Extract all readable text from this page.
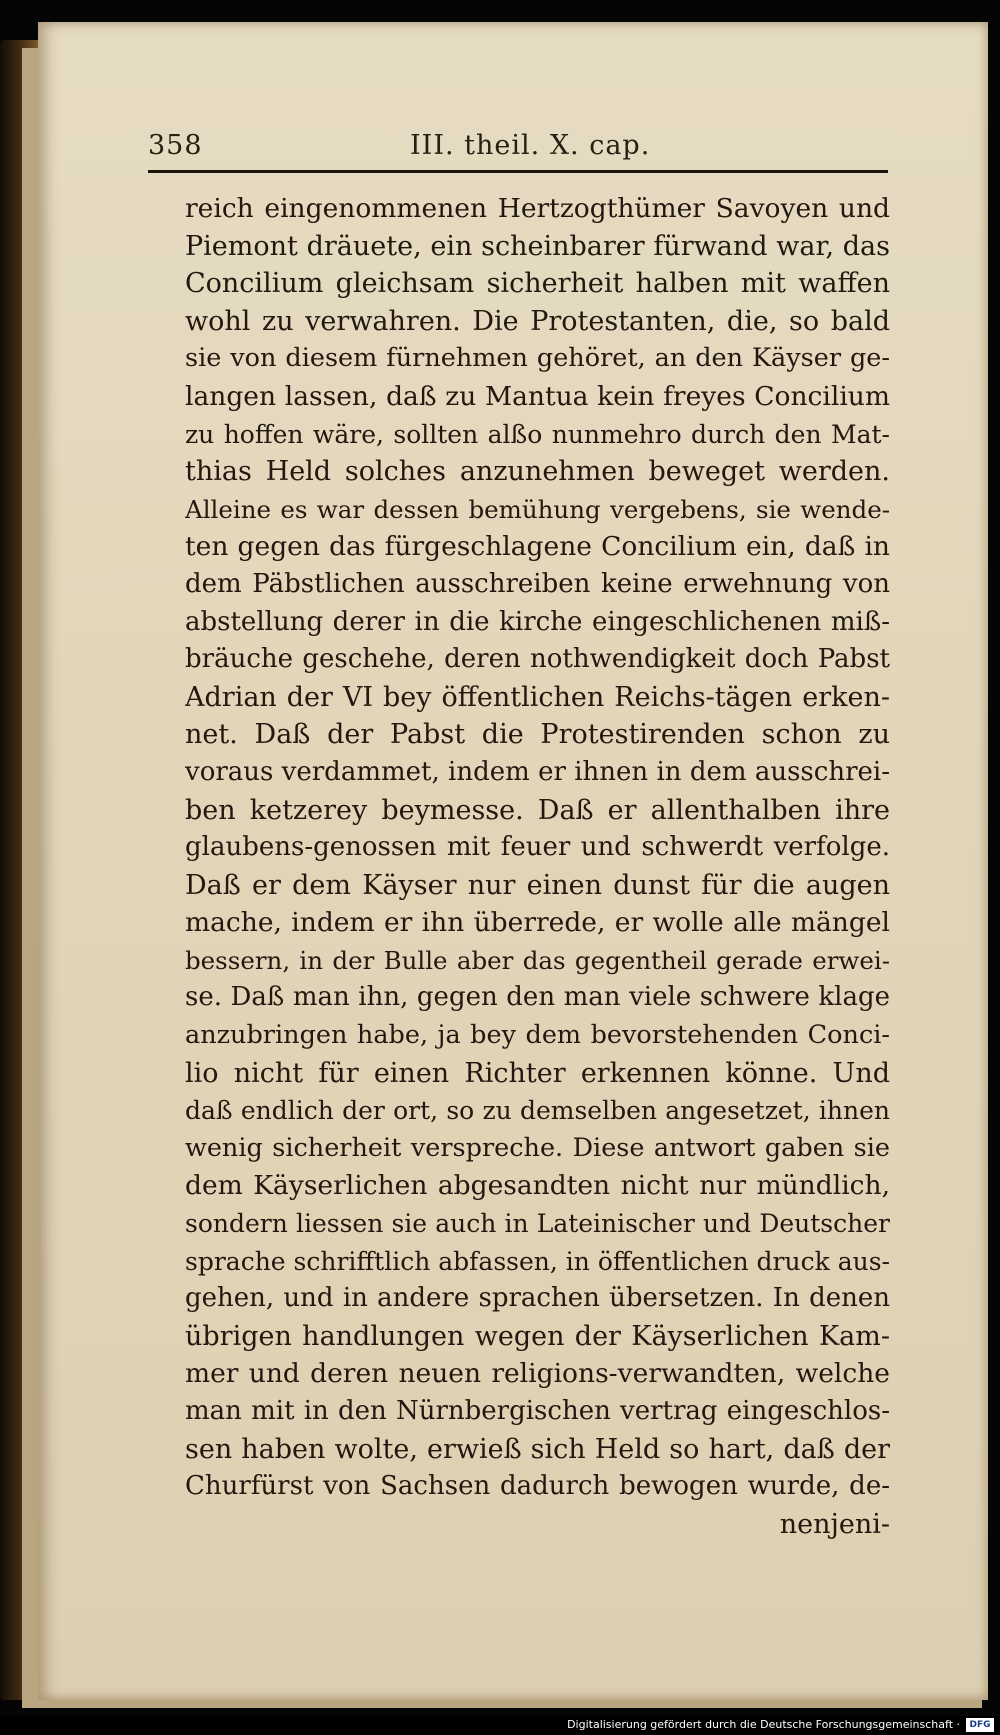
358	III. theil. X. cap.
reich eingenommenen Hertzogthümer Savoyen und
Piemont dräuete, ein scheinbarer fürwand war, das
Concilium gleichsam sicherheit halben mit waffen
wohl zu verwahren. Die Protestanten, die, so bald
sie von diesem fürnehmen gehöret, an den Käyser ge-
langen lassen, daß zu Mantua kein freyes Concilium
zu hoffen wäre, sollten alßo nunmehro durch den Mat-
thias Held solches anzunehmen beweget werden.
Alleine es war dessen bemühung vergebens, sie wende-
ten gegen das fürgeschlagene Concilium ein, daß in
dem Päbstlichen ausschreiben keine erwehnung von
abstellung derer in die kirche eingeschlichenen miß-
bräuche geschehe, deren nothwendigkeit doch Pabst
Adrian der VI bey öffentlichen Reichs-tägen erken-
net. Daß der Pabst die Protestirenden schon zu
voraus verdammet, indem er ihnen in dem ausschrei-
ben ketzerey beymesse. Daß er allenthalben ihre
glaubens-genossen mit feuer und schwerdt verfolge.
Daß er dem Käyser nur einen dunst für die augen
mache, indem er ihn überrede, er wolle alle mängel
bessern, in der Bulle aber das gegentheil gerade erwei-
se. Daß man ihn, gegen den man viele schwere klage
anzubringen habe, ja bey dem bevorstehenden Conci-
lio nicht für einen Richter erkennen könne. Und
daß endlich der ort, so zu demselben angesetzet, ihnen
wenig sicherheit verspreche. Diese antwort gaben sie
dem Käyserlichen abgesandten nicht nur mündlich,
sondern liessen sie auch in Lateinischer und Deutscher
sprache schrifftlich abfassen, in öffentlichen druck aus-
gehen, und in andere sprachen übersetzen. In denen
übrigen handlungen wegen der Käyserlichen Kam-
mer und deren neuen religions-verwandten, welche
man mit in den Nürnbergischen vertrag eingeschlos-
sen haben wolte, erwieß sich Held so hart, daß der
Churfürst von Sachsen dadurch bewogen wurde, de-
nenjeni-
Digitalisierung gefördert durch die Deutsche Forschungsgemeinschaft ·	DFG
